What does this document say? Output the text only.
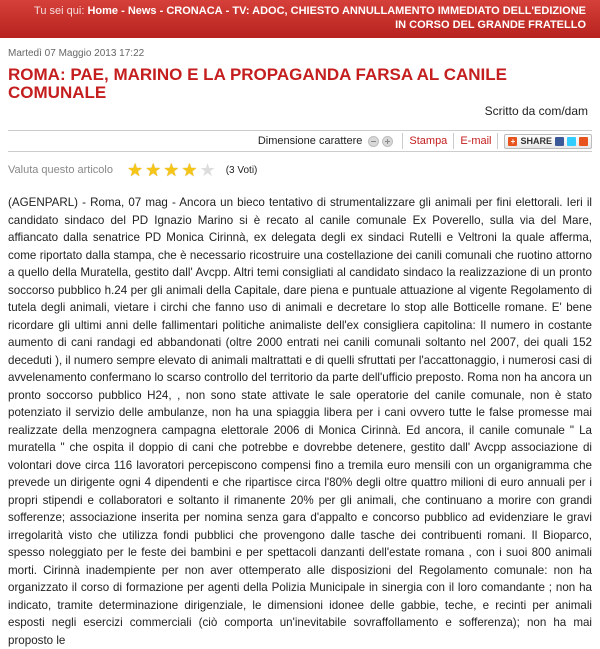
Tu sei qui: Home - News - CRONACA - TV: ADOC, CHIESTO ANNULLAMENTO IMMEDIATO DELL'EDIZIONE IN CORSO DEL GRANDE FRATELLO
Martedì 07 Maggio 2013 17:22
ROMA: PAE, MARINO E LA PROPAGANDA FARSA AL CANILE COMUNALE
Scritto da com/dam
Dimensione carattere	Stampa E-mail + SHARE
Valuta questo articolo ★ ★ ★ ★ ★ (3 Voti)
(AGENPARL) - Roma, 07 mag - Ancora un bieco tentativo di strumentalizzare gli animali per fini elettorali. Ieri il candidato sindaco del PD Ignazio Marino si è recato al canile comunale Ex Poverello, sulla via del Mare, affiancato dalla senatrice PD Monica Cirinnà, ex delegata degli ex sindaci Rutelli e Veltroni la quale afferma, come riportato dalla stampa, che è necessario ricostruire una costellazione dei canili comunali che ruotino attorno a quello della Muratella, gestito dall' Avcpp. Altri temi consigliati al candidato sindaco la realizzazione di un pronto soccorso pubblico h.24 per gli animali della Capitale, dare piena e puntuale attuazione al vigente Regolamento di tutela degli animali, vietare i circhi che fanno uso di animali e decretare lo stop alle Botticelle romane. E' bene ricordare gli ultimi anni delle fallimentari politiche animaliste dell'ex consigliera capitolina: Il numero in costante aumento di cani randagi ed abbandonati (oltre 2000 entrati nei canili comunali soltanto nel 2007, dei quali 152 deceduti ), il numero sempre elevato di animali maltrattati e di quelli sfruttati per l'accattonaggio, i numerosi casi di avvelenamento confermano lo scarso controllo del territorio da parte dell'ufficio preposto. Roma non ha ancora un pronto soccorso pubblico H24, , non sono state attivate le sale operatorie del canile comunale, non è stato potenziato il servizio delle ambulanze, non ha una spiaggia libera per i cani ovvero tutte le false promesse mai realizzate della menzognera campagna elettorale 2006 di Monica Cirinnà. Ed ancora, il canile comunale " La muratella " che ospita il doppio di cani che potrebbe e dovrebbe detenere, gestito dall' Avcpp associazione di volontari dove circa 116 lavoratori percepiscono compensi fino a tremila euro mensili con un organigramma che prevede un dirigente ogni 4 dipendenti e che ripartisce circa l'80% degli oltre quattro milioni di euro annuali per i propri stipendi e collaboratori e soltanto il rimanente 20% per gli animali, che continuano a morire con grandi sofferenze; associazione inserita per nomina senza gara d'appalto e concorso pubblico ad evidenziare le gravi irregolarità visto che utilizza fondi pubblici che provengono dalle tasche dei contribuenti romani. Il Bioparco, spesso noleggiato per le feste dei bambini e per spettacoli danzanti dell'estate romana , con i suoi 800 animali morti. Cirinnà inadempiente per non aver ottemperato alle disposizioni del Regolamento comunale: non ha organizzato il corso di formazione per agenti della Polizia Municipale in sinergia con il loro comandante ; non ha indicato, tramite determinazione dirigenziale, le dimensioni idonee delle gabbie, teche, e recinti per animali esposti negli esercizi commerciali (ciò comporta un'inevitabile sovraffollamento e sofferenza); non ha mai proposto le
